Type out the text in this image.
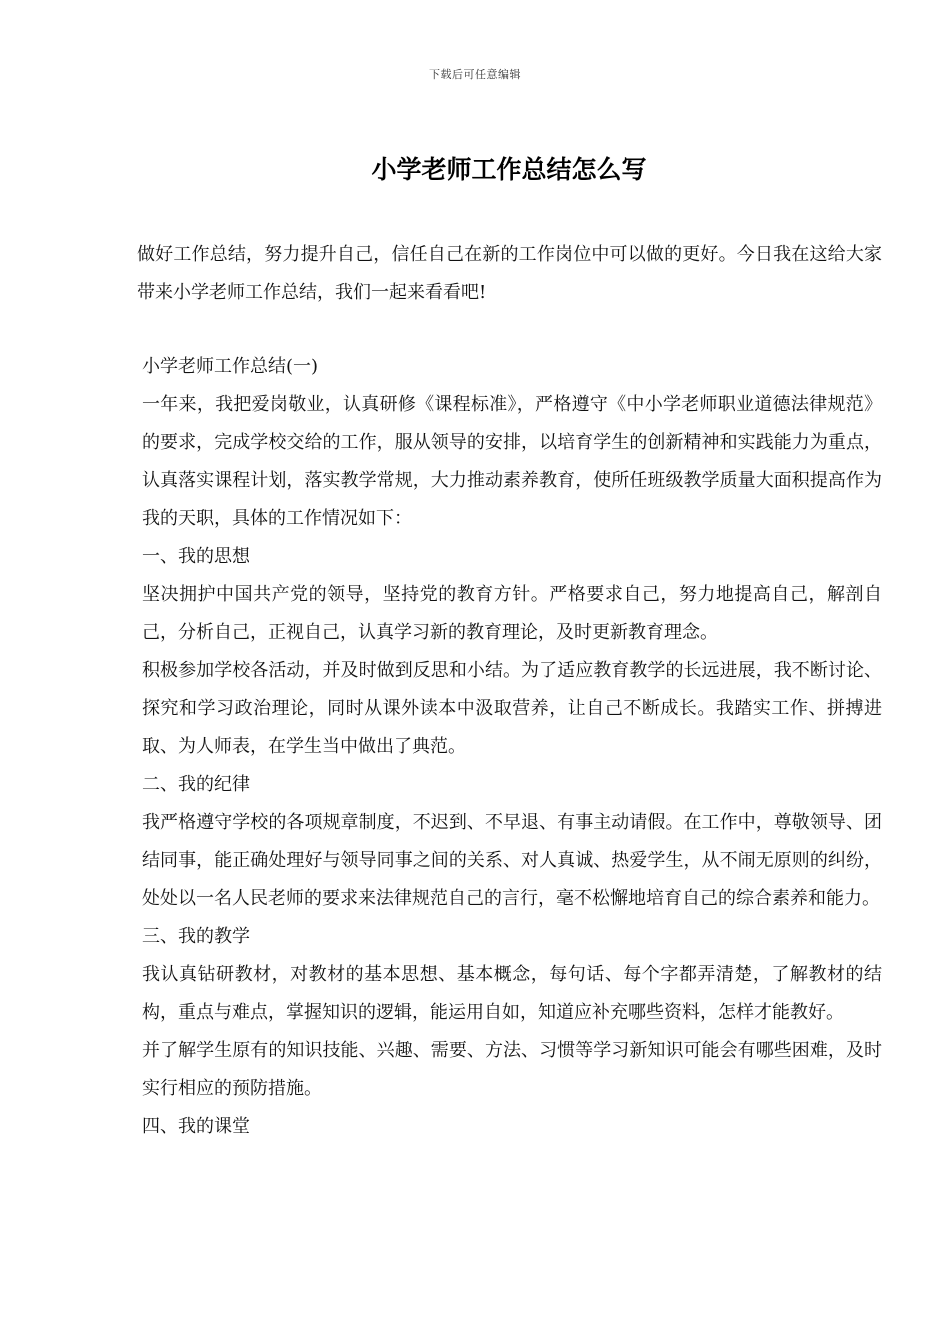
下载后可任意编辑
小学老师工作总结怎么写

做好工作总结，努力提升自己，信任自己在新的工作岗位中可以做的更好。今日我在这给大家带来小学老师工作总结，我们一起来看看吧!

小学老师工作总结(一)

一年来，我把爱岗敬业，认真研修《课程标准》，严格遵守《中小学老师职业道德法律规范》的要求，完成学校交给的工作，服从领导的安排，以培育学生的创新精神和实践能力为重点，认真落实课程计划，落实教学常规，大力推动素养教育，使所任班级教学质量大面积提高作为我的天职，具体的工作情况如下：

一、我的思想

坚决拥护中国共产党的领导，坚持党的教育方针。严格要求自己，努力地提高自己，解剖自己，分析自己，正视自己，认真学习新的教育理论，及时更新教育理念。

积极参加学校各活动，并及时做到反思和小结。为了适应教育教学的长远进展，我不断讨论、探究和学习政治理论，同时从课外读本中汲取营养，让自己不断成长。我踏实工作、拼搏进取、为人师表，在学生当中做出了典范。

二、我的纪律

我严格遵守学校的各项规章制度，不迟到、不早退、有事主动请假。在工作中，尊敬领导、团结同事，能正确处理好与领导同事之间的关系、对人真诚、热爱学生，从不闹无原则的纠纷，处处以一名人民老师的要求来法律规范自己的言行，毫不松懈地培育自己的综合素养和能力。

三、我的教学

我认真钻研教材，对教材的基本思想、基本概念，每句话、每个字都弄清楚，了解教材的结构，重点与难点，掌握知识的逻辑，能运用自如，知道应补充哪些资料，怎样才能教好。

并了解学生原有的知识技能、兴趣、需要、方法、习惯等学习新知识可能会有哪些困难，及时实行相应的预防措施。

四、我的课堂
